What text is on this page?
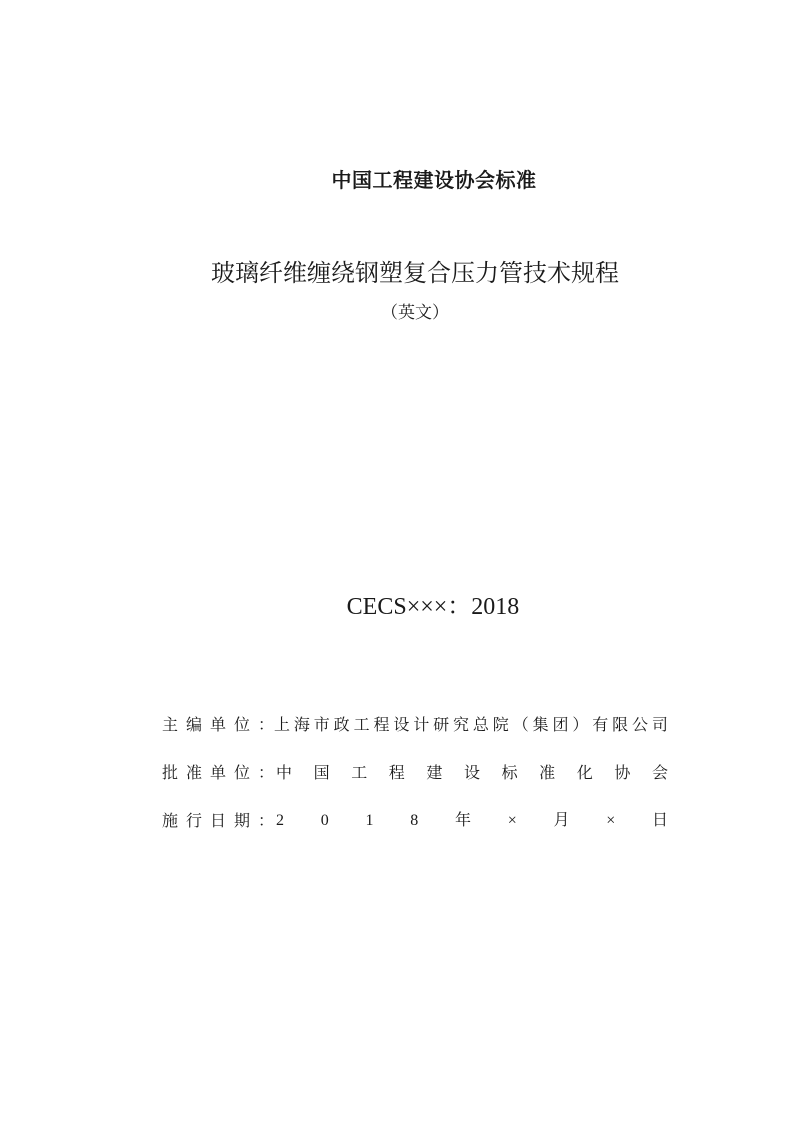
中国工程建设协会标准
玻璃纤维缠绕钢塑复合压力管技术规程
（英文）
CECS×××：2018
主 编 单 位 ： 上 海 市 政 工 程 设 计 研 究 总 院 （ 集 团 ） 有 限 公 司
批 准 单 位 ： 中 国 工 程 建 设 标 准 化 协 会
施 行 日 期 ： 2 0 1 8 年 × 月 × 日
